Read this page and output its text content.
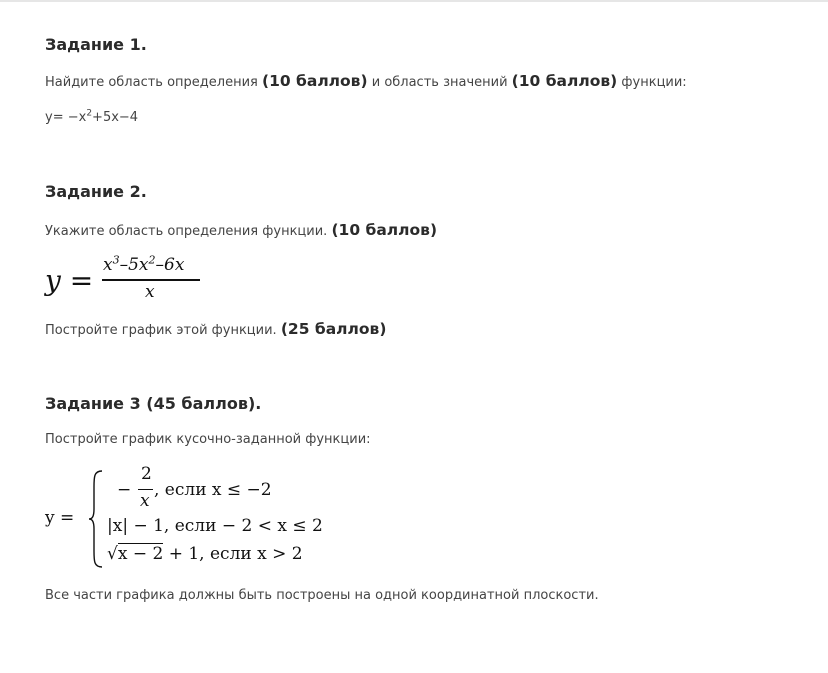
Задание 1.
Найдите область определения (10 баллов) и область значений (10 баллов) функции:
$y= -x^2+5x-4$
Задание 2.
Укажите область определения функции. (10 баллов)
$y = x^3-5x^2-6x$
x
Постройте график этой функции. (25 баллов)
Задание 3 (45 баллов).
Постройте график кусочно-заданной функции:
y =
−
2
x
, если x ≤ −2
|x| − 1, если − 2 < x ≤ 2
√x − 2 + 1, если x > 2
Все части графика должны быть построены на одной координатной плоскости.
